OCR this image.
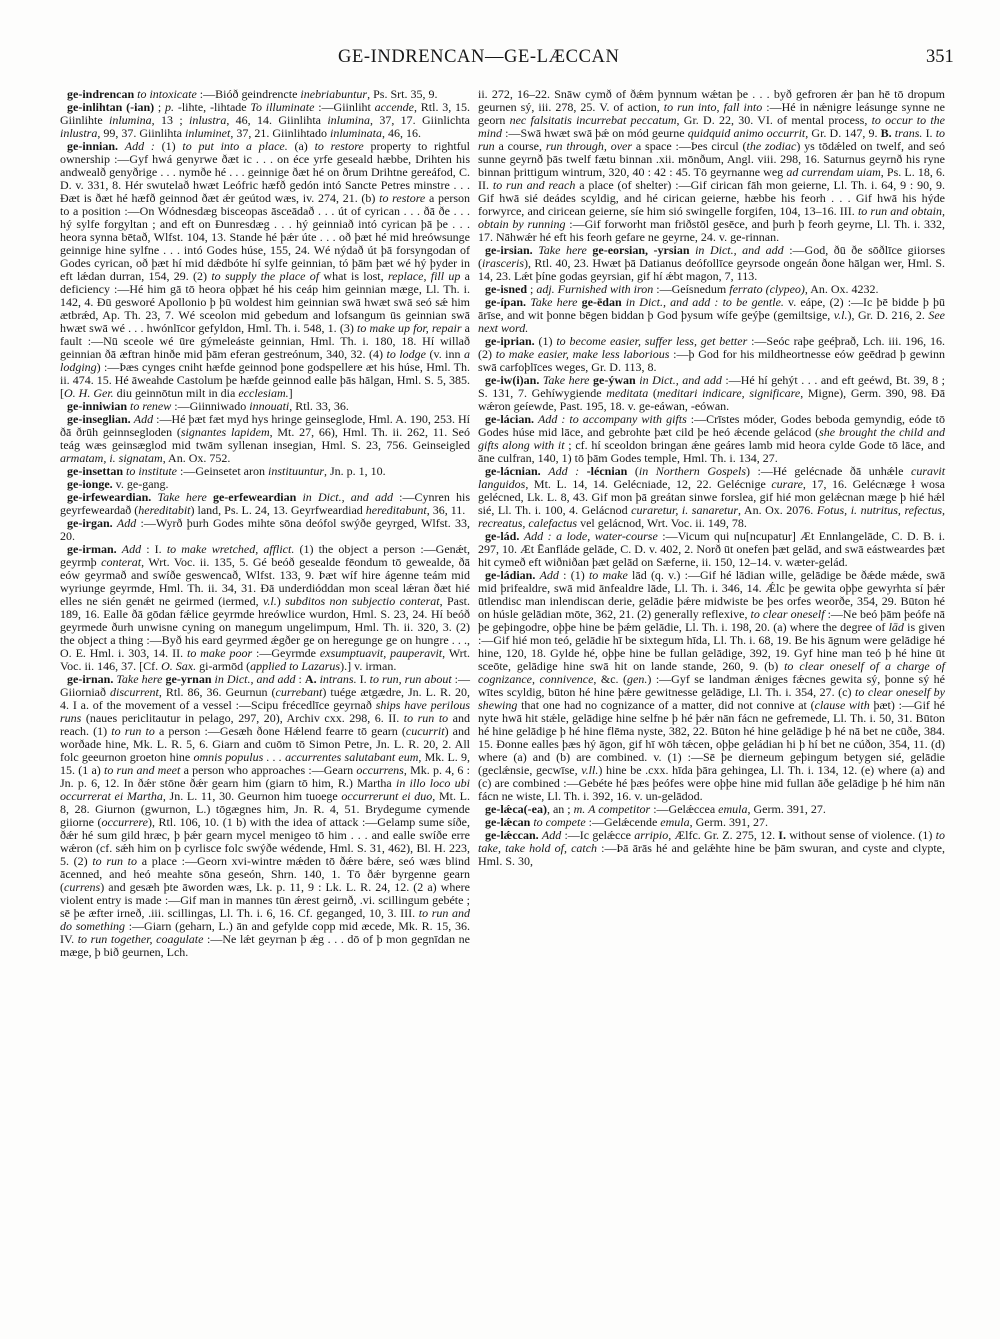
GE-INDRENCAN—GE-LÆCCAN	351

ge-indrencan to intoxicate :—Bióð geindrencte inebriabuntur, Ps. Srt. 35, 9.

ge-inlihtan (-ian) ; p. -lihte, -lihtade To illuminate :—Giinliht accende, Rtl. 3, 15. Giinlihte inlumina, 13 ; inlustra, 46, 14. Giinlihta inlumina, 37, 17. Giinlichta inlustra, 99, 37. Giinlihta inluminet, 37, 21. Giinlihtado inluminata, 46, 16.

ge-innian. Add : (1) to put into a place. (a) to restore property to rightful ownership :—Gyf hwá genyrwe ðæt ic . . . on éce yrfe geseald hæbbe, Drihten his andwealð genyðrige . . . nymðe hé . . . geinnige ðæt hé on ðrum Drihtne gereáfod, C. D. v. 331, 8. Hér swutelað hwæt Leófric hæfð gedón intó Sancte Petres minstre . . . Ðæt is ðæt hé hæfð geinnod ðæt ǽr geútod wæs, iv. 274, 21. (b) to restore a person to a position :—On Wódnesdæg bisceopas āsceādað . . . út of cyrican . . . ðā ðe . . . hý sylfe forgyltan ; and eft on Ðunresdæg . . . hý geinniað intó cyrican þā þe . . . heora synna bētað, Wlfst. 104, 13. Stande hé þǽr úte . . . oð þæt hé mid hreówsunge geinnige hine sylfne . . . intó Godes húse, 155, 24. Wé nýdað út þā forsyngodan of Godes cyrican, oð þæt hí mid dǽdbóte hí sylfe geinnian, tó þām þæt wé hý þyder in eft lǽdan durran, 154, 29. (2) to supply the place of what is lost, replace, fill up a deficiency :—Hé him gā tō heora oþþæt hé his ceáp him geinnian mæge, Ll. Th. i. 142, 4. Ðū gesworé Apollonio þ þū woldest him geinnian swā hwæt swā seó sǽ him ætbrǽd, Ap. Th. 23, 7. Wé sceolon mid gebedum and lofsangum ūs geinnian swā hwæt swā wé . . . hwónlīcor gefyldon, Hml. Th. i. 548, 1. (3) to make up for, repair a fault :—Nū sceole wé ūre gýmeleáste geinnian, Hml. Th. i. 180, 18. Hí willað geinnian ðā æftran hinðe mid þām eferan gestreónum, 340, 32. (4) to lodge (v. inn a lodging) :—Þæs cynges cniht hæfde geinnod þone godspellere æt his húse, Hml. Th. ii. 474. 15. Hé āweahde Castolum þe hæfde geinnod ealle þās hālgan, Hml. S. 5, 385. [O. H. Ger. diu geinnōtun milt in dia ecclesiam.]

ge-inniwian to renew :—Giinniwado innouati, Rtl. 33, 36.

ge-inseglian. Add :—Hé þæt fæt myd hys hringe geinseglode, Hml. A. 190, 253. Hí ðā ðrūh geinnsegloden (signantes lapidem, Mt. 27, 66), Hml. Th. ii. 262, 11. Seó teág wæs geinsæglod mid twām syllenan insegian, Hml. S. 23, 756. Geinseigled armatam, i. signatam, An. Ox. 752.

ge-insettan to institute :—Geinsetet aron instituuntur, Jn. p. 1, 10.

ge-ionge. v. ge-gang.

ge-irfeweardian. Take here ge-erfeweardian in Dict., and add :—Cynren his geyrfeweardað (hereditabit) land, Ps. L. 24, 13. Geyrfweardiad hereditabunt, 36, 11.

ge-irgan. Add :—Wyrð þurh Godes mihte sōna deófol swýðe geyrged, Wlfst. 33, 20.

ge-irman. Add : I. to make wretched, afflict. (1) the object a person :—Genǽt, geyrmþ conterat, Wrt. Voc. ii. 135, 5. Gé beóð gesealde fēondum tō gewealde, ðā eów geyrmað and swíðe geswencað, Wlfst. 133, 9. Þæt wíf hire ágenne teám mid wyriunge geyrmde, Hml. Th. ii. 34, 31. Ðā underdióddan mon sceal lǽran ðæt hié elles ne sién genǽt ne geirmed (iermed, v.l.) subditos non subjectio conterat, Past. 189, 16. Ealle ðā gōdan fǽlice geyrmde hreówlice wurdon, Hml. S. 23, 24. Hí beóð geyrmede ðurh unwisne cyning on manegum ungelimpum, Hml. Th. ii. 320, 3. (2) the object a thing :—Byð his eard geyrmed ǽgðer ge on heregunge ge on hungre . . ., O. E. Hml. i. 303, 14. II. to make poor :—Geyrmde exsumptuavit, pauperavit, Wrt. Voc. ii. 146, 37. [Cf. O. Sax. gi-armōd (applied to Lazarus).] v. irman.

ge-irnan. Take here ge-yrnan in Dict., and add : A. intrans. I. to run, run about :—Giiorniað discurrent, Rtl. 86, 36. Geurnun (currebant) tuége ætgædre, Jn. L. R. 20, 4. I a. of the movement of a vessel :—Scipu frécedlīce geyrnað ships have perilous runs (naues periclitautur in pelago, 297, 20), Archiv cxx. 298, 6. II. to run to and reach. (1) to run to a person :—Gesæh ðone Hǽlend fearre tō gearn (cucurrit) and worðade hine, Mk. L. R. 5, 6. Giarn and cuōm tō Simon Petre, Jn. L. R. 20, 2. All folc geeurnon groeton hine omnis populus . . . accurrentes salutabant eum, Mk. L. 9, 15. (1 a) to run and meet a person who approaches :—Gearn occurrens, Mk. p. 4, 6 : Jn. p. 6, 12. In ðǽr stōne ðǽr gearn him (giarn tō him, R.) Martha in illo loco ubi occurrerat ei Martha, Jn. L. 11, 30. Geurnon him tuoege occurrerunt ei duo, Mt. L. 8, 28. Giurnon (gwurnon, L.) tōgægnes him, Jn. R. 4, 51. Brydegume cymende giiorne (occurrere), Rtl. 106, 10. (1 b) with the idea of attack :—Gelamp sume síðe, ðǽr hé sum gild hræc, þ þǽr gearn mycel menigeo tō him . . . and ealle swíðe erre wǽron (cf. sǽh him on þ cyrlisce folc swýðe wédende, Hml. S. 31, 462), Bl. H. 223, 5. (2) to run to a place :—Georn xvi-wintre mǽden tō ðǽre bǽre, seó wæs blind ācenned, and heó meahte sōna geseón, Shrn. 140, 1. Tō ðǽr byrgenne gearn (currens) and gesæh þte āworden wæs, Lk. p. 11, 9 : Lk. L. R. 24, 12. (2 a) where violent entry is made :—Gif man in mannes tūn ǽrest geirnð, .vi. scillingum gebéte ; sē þe æfter irneð, .iii. scillingas, Ll. Th. i. 6, 16. Cf. geganged, 10, 3. III. to run and do something :—Giarn (geharn, L.) ān and gefylde copp mid æcede, Mk. R. 15, 36. IV. to run together, coagulate :—Ne lǽt geyrnan þ ǽg . . . dō of þ mon gegnīdan ne mæge, þ bið geurnen, Lch.

ii. 272, 16–22. Snāw cymð of ðǽm þynnum wǽtan þe . . . byð gefroren ǽr þan hē tō dropum geurnen sý, iii. 278, 25. V. of action, to run into, fall into :—Hé in nǽnigre leásunge synne ne georn nec falsitatis incurrebat peccatum, Gr. D. 22, 30. VI. of mental process, to occur to the mind :—Swā hwæt swā þǽ on mód geurne quidquid animo occurrit, Gr. D. 147, 9. B. trans. I. to run a course, run through, over a space :—Þes circul (the zodiac) ys tōdǽled on twelf, and seó sunne geyrnð þās twelf fætu binnan .xii. mōnðum, Angl. viii. 298, 16. Saturnus geyrnð his ryne binnan þrittigum wintrum, 320, 40 : 42 : 45. Tō geyrnanne weg ad currendam uiam, Ps. L. 18, 6. II. to run and reach a place (of shelter) :—Gif cirican fāh mon geierne, Ll. Th. i. 64, 9 : 90, 9. Gif hwā sié deádes scyldig, and hé cirican geierne, hæbbe his feorh . . . Gif hwā his hýde forwyrce, and ciricean geierne, síe him sió swingelle forgifen, 104, 13–16. III. to run and obtain, obtain by running :—Gif forworht man friðstōl gesēce, and þurh þ feorh geyrne, Ll. Th. i. 332, 17. Nāhwǽr hé eft his feorh gefare ne geyrne, 24. v. ge-rinnan.

ge-irsian. Take here ge-eorsian, -yrsian in Dict., and add :—God, ðū ðe sōðlīce giiorses (irasceris), Rtl. 40, 23. Hwæt þā Datianus deófollīce geyrsode ongeán ðone hālgan wer, Hml. S. 14, 23. Lǽt þíne godas geyrsian, gif hí ǽbt magon, 7, 113.

ge-isned ; adj. Furnished with iron :—Geísnedum ferrato (clypeo), An. Ox. 4232.

ge-ípan. Take here ge-ēdan in Dict., and add : to be gentle. v. eápe, (2) :—Ic þē bidde þ þū ārīse, and wit þonne bēgen biddan þ God þysum wífe geýþe (gemiltsige, v.l.), Gr. D. 216, 2. See next word.

ge-iprian. (1) to become easier, suffer less, get better :—Seóc raþe geéþrað, Lch. iii. 196, 16. (2) to make easier, make less laborious :—þ God for his mildheortnesse eów geēdrad þ gewinn swā carfoþlīces weges, Gr. D. 113, 8.

ge-iw(i)an. Take here ge-ýwan in Dict., and add :—Hé hí gehýt . . . and eft geéwd, Bt. 39, 8 ; S. 131, 7. Gehíwygiende meditata (meditari indicare, significare, Migne), Germ. 390, 98. Ðā wǽron geíewde, Past. 195, 18. v. ge-eáwan, -eówan.

ge-lácian. Add : to accompany with gifts :—Crīstes móder, Godes beboda gemyndig, eóde tō Godes húse mid lāce, and gebrohte þæt cild þe heó ǽcende gelácod (she brought the child and gifts along with it ; cf. hí sceoldon bringan ǽne geáres lamb mid heora cylde Gode tō lāce, and āne culfran, 140, 1) tō þām Godes temple, Hml. Th. i. 134, 27.

ge-lácnian. Add : -lécnian (in Northern Gospels) :—Hé gelécnade ðā unhǽle curavit languidos, Mt. L. 14, 14. Gelécniade, 12, 22. Gelécnige curare, 17, 16. Gelécnæge ł wosa gelécned, Lk. L. 8, 43. Gif mon þā greátan sinwe forslea, gif hié mon gelǽcnan mæge þ hié hǽl sié, Ll. Th. i. 100, 4. Gelácnod curaretur, i. sanaretur, An. Ox. 2076. Fotus, i. nutritus, refectus, recreatus, calefactus vel gelácnod, Wrt. Voc. ii. 149, 78.

ge-lád. Add : a lode, water-course :—Vicum qui nu[ncupatur] Æt Ennlangelāde, C. D. B. i. 297, 10. Æt Ēanfláde gelāde, C. D. v. 402, 2. Norð ūt onefen þæt gelād, and swā eástweardes þæt hit cymeð eft wiðniðan þæt gelād on Sæferne, ii. 150, 12–14. v. wæter-gelád.

ge-ládian. Add : (1) to make lād (q. v.) :—Gif hé lādian wille, gelādige be ðǽde mǽde, swā mid þrifealdre, swā mid ānfealdre lāde, Ll. Th. i. 346, 14. Ǽlc þe gewita oþþe gewyrhta sí þǽr ūtlendisc man inlendiscan derie, gelādie þǽre midwiste be þes orfes weorðe, 354, 29. Būton hé on húsle gelādian mōte, 362, 21. (2) generally reflexive, to clear oneself :—Ne beó þām þeófe nā þe geþingodre, oþþe hine be þǽm gelādie, Ll. Th. i. 198, 20. (a) where the degree of lād is given :—Gif hié mon teó, gelādie hī be sixtegum hīda, Ll. Th. i. 68, 19. Be his āgnum were gelādige hé hine, 120, 18. Gylde hé, oþþe hine be fullan gelādige, 392, 19. Gyf hine man teó þ hé hine ūt sceōte, gelādige hine swā hit on lande stande, 260, 9. (b) to clear oneself of a charge of cognizance, connivence, &c. (gen.) :—Gyf se landman ǽniges fǽcnes gewita sý, þonne sý hé wītes scyldig, būton hé hine þǽre gewitnesse gelādige, Ll. Th. i. 354, 27. (c) to clear oneself by shewing that one had no cognizance of a matter, did not connive at (clause with þæt) :—Gif hé nyte hwā hit stǽle, gelādige hine selfne þ hé þǽr nān fácn ne gefremede, Ll. Th. i. 50, 31. Būton hé hine gelādige þ hé hine flēma nyste, 382, 22. Būton hé hine gelādige þ hé nā bet ne cūðe, 384. 15. Ðonne ealles þæs hý āgon, gif hī wōh tǽcen, oþþe geládian hi þ hí bet ne cúðon, 354, 11. (d) where (a) and (b) are combined. v. (1) :—Sē þe dierneum geþingum betygen sié, gelādie (geclǽnsie, gecwīse, v.ll.) hine be .cxx. hīda þāra gehingea, Ll. Th. i. 134, 12. (e) where (a) and (c) are combined :—Gebéte hé þæs þeófes were oþþe hine mid fullan āðe gelādige þ hé him nān fácn ne wiste, Ll. Th. i. 392, 16. v. un-gelādod.

ge-lǽca(-ea), an ; m. A competitor :—Gelǽccea emula, Germ. 391, 27.

ge-lǽcan to compete :—Gelǽcende emula, Germ. 391, 27.

ge-lǽccan. Add :—Ic gelǽcce arripio, Ælfc. Gr. Z. 275, 12. I. without sense of violence. (1) to take, take hold of, catch :—Þā ārās hé and gelǽhte hine be þām swuran, and cyste and clypte, Hml. S. 30,
